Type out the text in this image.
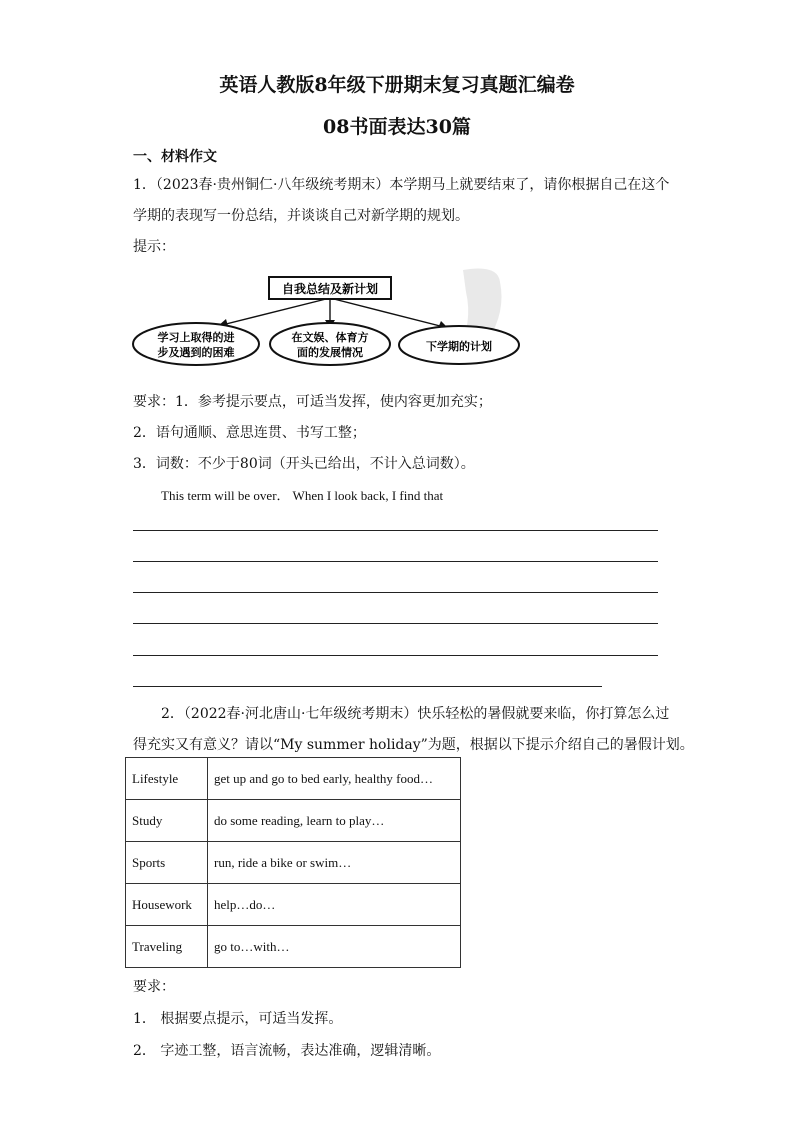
英语人教版8年级下册期末复习真题汇编卷
08书面表达30篇
一、材料作文
1．（2023春·贵州铜仁·八年级统考期末）本学期马上就要结束了，请你根据自己在这个
学期的表现写一份总结，并谈谈自己对新学期的规划。
提示：
自我总结及新计划
学习上取得的进
步及遇到的困难
在文娱、体育方
面的发展情况	下学期的计划
要求：1．参考提示要点，可适当发挥，使内容更加充实；
2．语句通顺、意思连贯、书写工整；
3．词数：不少于80词（开头已给出，不计入总词数）。
This term will be over． When I look back, I find that
2．（2022春·河北唐山·七年级统考期末）快乐轻松的暑假就要来临，你打算怎么过
得充实又有意义？请以“My summer holiday”为题，根据以下提示介绍自己的暑假计划。
Lifestyle	get up and go to bed early, healthy food…
Study	do some reading, learn to play…
Sports	run, ride a bike or swim…
Housework	help…do…
Traveling	go to…with…
要求：
1． 根据要点提示，可适当发挥。
2． 字迹工整，语言流畅，表达准确，逻辑清晰。
